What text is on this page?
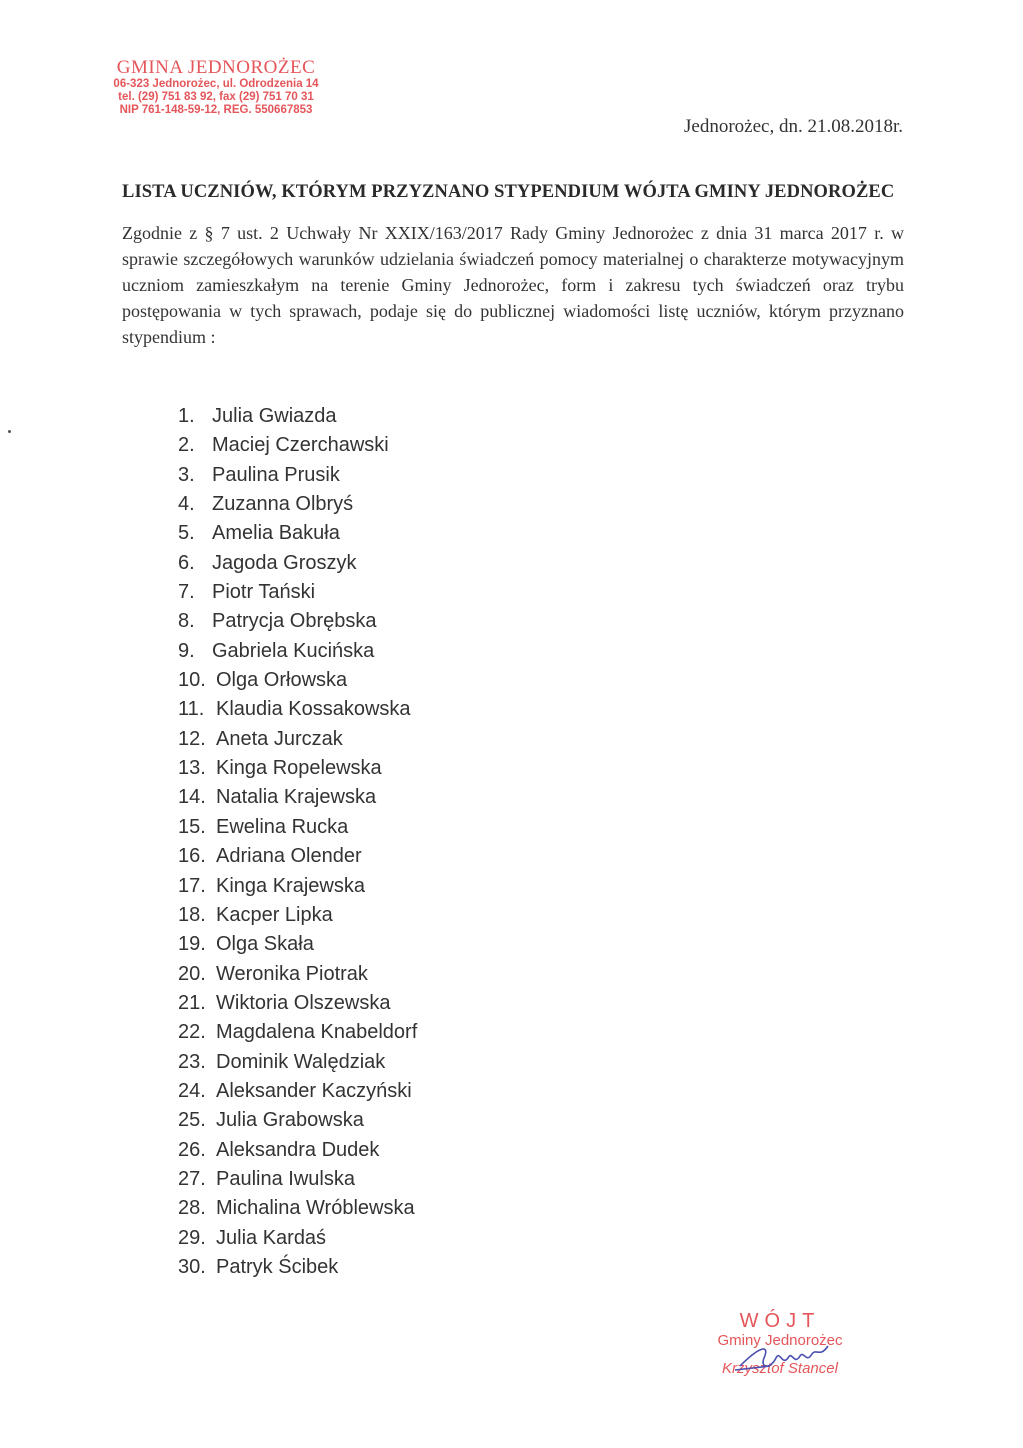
GMINA JEDNOROŻEC
06-323 Jednorożec, ul. Odrodzenia 14
tel. (29) 751 83 92, fax (29) 751 70 31
NIP 761-148-59-12, REG. 550667853
Jednorożec, dn. 21.08.2018r.
LISTA UCZNIÓW, KTÓRYM PRZYZNANO STYPENDIUM WÓJTA GMINY JEDNOROŻEC
Zgodnie z § 7 ust. 2 Uchwały Nr XXIX/163/2017 Rady Gminy Jednorożec z dnia 31 marca 2017 r. w sprawie szczegółowych warunków udzielania świadczeń pomocy materialnej o charakterze motywacyjnym uczniom zamieszkałym na terenie Gminy Jednorożec, form i zakresu tych świadczeń oraz trybu postępowania w tych sprawach, podaje się do publicznej wiadomości listę uczniów, którym przyznano stypendium :
1. Julia Gwiazda
2. Maciej Czerchawski
3. Paulina Prusik
4. Zuzanna Olbryś
5. Amelia Bakuła
6. Jagoda Groszyk
7. Piotr Tański
8. Patrycja Obrębska
9. Gabriela Kucińska
10. Olga Orłowska
11. Klaudia Kossakowska
12. Aneta Jurczak
13. Kinga Ropelewska
14. Natalia Krajewska
15. Ewelina Rucka
16. Adriana Olender
17. Kinga Krajewska
18. Kacper Lipka
19. Olga Skała
20. Weronika Piotrak
21. Wiktoria Olszewska
22. Magdalena Knabeldorf
23. Dominik Walędziak
24. Aleksander Kaczyński
25. Julia Grabowska
26. Aleksandra Dudek
27. Paulina Iwulska
28. Michalina Wróblewska
29. Julia Kardaś
30. Patryk Ścibek
WÓJT
Gminy Jednorożec
Krzysztof Stancel
